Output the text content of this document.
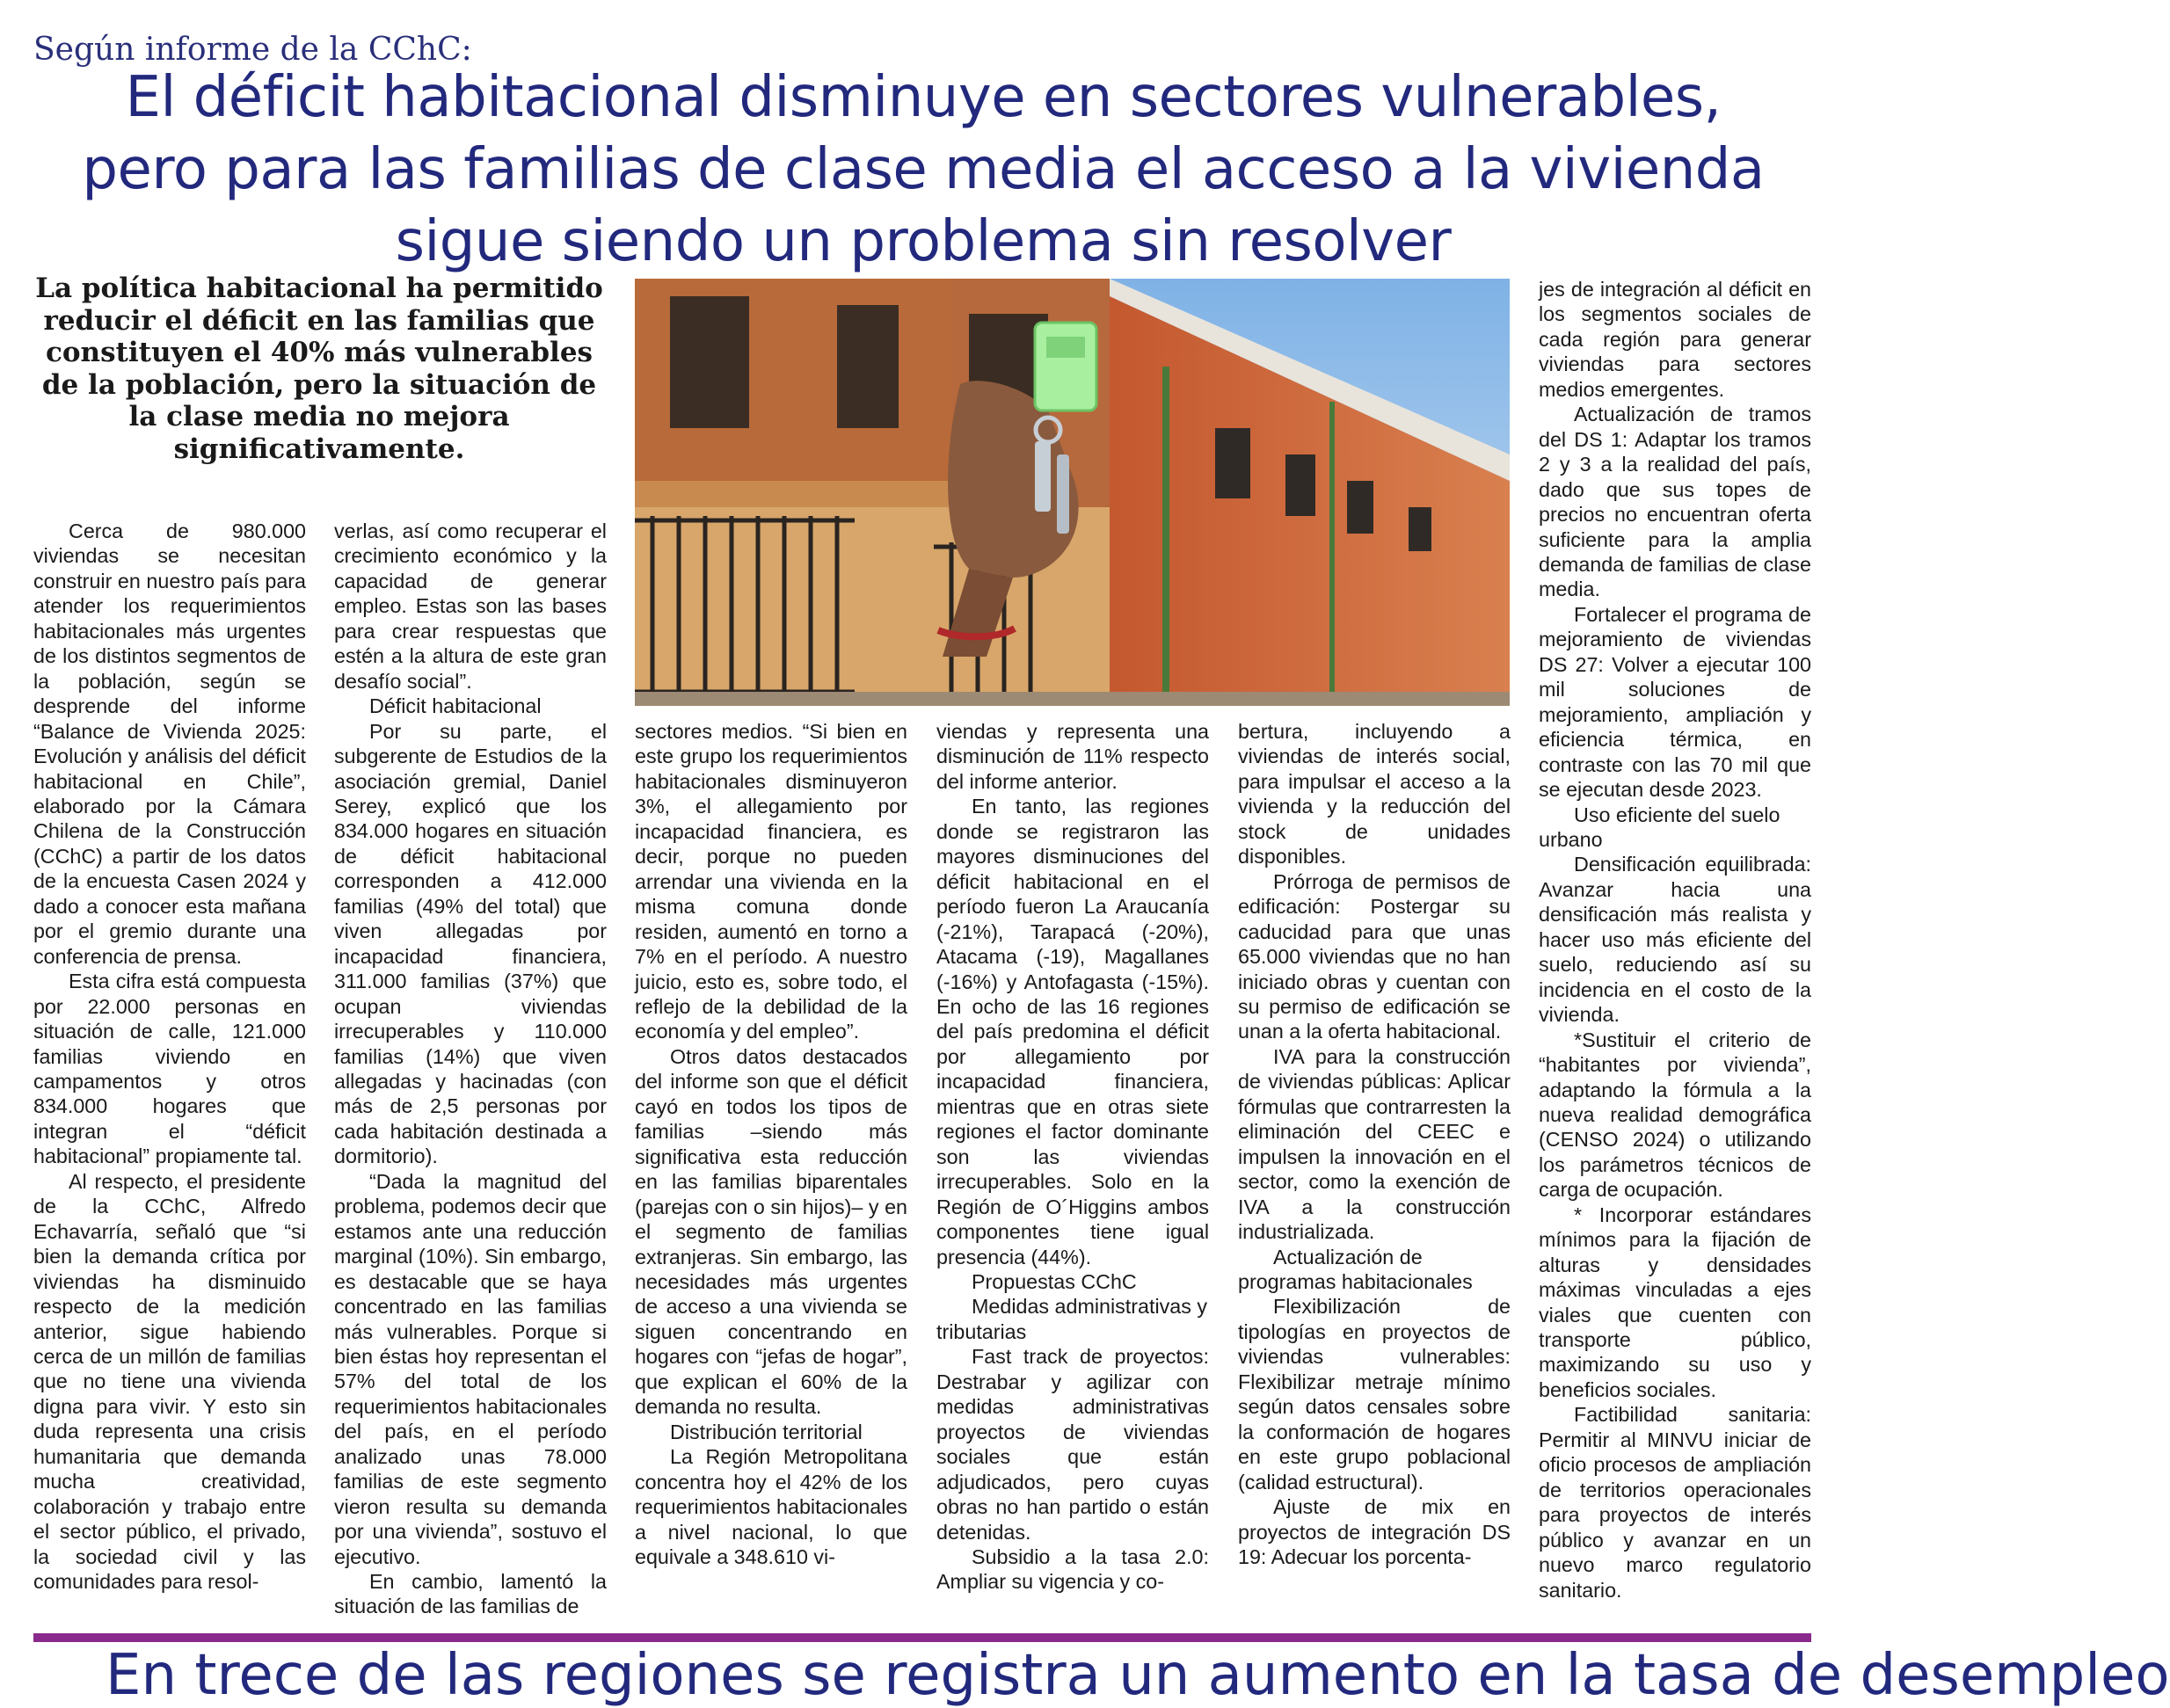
Según informe de la CChC:
El déficit habitacional disminuye en sectores vulnerables,
pero para las familias de clase media el acceso a la vivienda
sigue siendo un problema sin resolver
La política habitacional ha permitido reducir el déficit en las familias que constituyen el 40% más vulnerables de la población, pero la situación de la clase media no mejora significativamente.

Cerca de 980.000 viviendas se necesitan construir en nuestro país para atender los requerimientos habitacionales más urgentes de los distintos segmentos de la población, según se desprende del informe “Balance de Vivienda 2025: Evolución y análisis del déficit habitacional en Chile”, elaborado por la Cámara Chilena de la Construcción (CChC) a partir de los datos de la encuesta Casen 2024 y dado a conocer esta mañana por el gremio durante una conferencia de prensa.

Esta cifra está compuesta por 22.000 personas en situación de calle, 121.000 familias viviendo en campamentos y otros 834.000 hogares que integran el “déficit habitacional” propiamente tal.

Al respecto, el presidente de la CChC, Alfredo Echavarría, señaló que “si bien la demanda crítica por viviendas ha disminuido respecto de la medición anterior, sigue habiendo cerca de un millón de familias que no tiene una vivienda digna para vivir. Y esto sin duda representa una crisis humanitaria que demanda mucha creatividad, colaboración y trabajo entre el sector público, el privado, la sociedad civil y las comunidades para resol-

verlas, así como recuperar el crecimiento económico y la capacidad de generar empleo. Estas son las bases para crear respuestas que estén a la altura de este gran desafío social”.

Déficit habitacional

Por su parte, el subgerente de Estudios de la asociación gremial, Daniel Serey, explicó que los 834.000 hogares en situación de déficit habitacional corresponden a 412.000 familias (49% del total) que viven allegadas por incapacidad financiera, 311.000 familias (37%) que ocupan viviendas irrecuperables y 110.000 familias (14%) que viven allegadas y hacinadas (con más de 2,5 personas por cada habitación destinada a dormitorio).

“Dada la magnitud del problema, podemos decir que estamos ante una reducción marginal (10%). Sin embargo, es destacable que se haya concentrado en las familias más vulnerables. Porque si bien éstas hoy representan el 57% del total de los requerimientos habitacionales del país, en el período analizado unas 78.000 familias de este segmento vieron resulta su demanda por una vivienda”, sostuvo el ejecutivo.

En cambio, lamentó la situación de las familias de

sectores medios. “Si bien en este grupo los requerimientos habitacionales disminuyeron 3%, el allegamiento por incapacidad financiera, es decir, porque no pueden arrendar una vivienda en la misma comuna donde residen, aumentó en torno a 7% en el período. A nuestro juicio, esto es, sobre todo, el reflejo de la debilidad de la economía y del empleo”.

Otros datos destacados del informe son que el déficit cayó en todos los tipos de familias –siendo más significativa esta reducción en las familias biparentales (parejas con o sin hijos)– y en el segmento de familias extranjeras. Sin embargo, las necesidades más urgentes de acceso a una vivienda se siguen concentrando en hogares con “jefas de hogar”, que explican el 60% de la demanda no resulta.

Distribución territorial

La Región Metropolitana concentra hoy el 42% de los requerimientos habitacionales a nivel nacional, lo que equivale a 348.610 vi-

viendas y representa una disminución de 11% respecto del informe anterior.

En tanto, las regiones donde se registraron las mayores disminuciones del déficit habitacional en el período fueron La Araucanía (-21%), Tarapacá (-20%), Atacama (-19), Magallanes (-16%) y Antofagasta (-15%). En ocho de las 16 regiones del país predomina el déficit por allegamiento por incapacidad financiera, mientras que en otras siete regiones el factor dominante son las viviendas irrecuperables. Solo en la Región de O´Higgins ambos componentes tiene igual presencia (44%).

Propuestas CChC

Medidas administrativas y tributarias

Fast track de proyectos: Destrabar y agilizar con medidas administrativas proyectos de viviendas sociales que están adjudicados, pero cuyas obras no han partido o están detenidas.

Subsidio a la tasa 2.0: Ampliar su vigencia y co-

bertura, incluyendo a viviendas de interés social, para impulsar el acceso a la vivienda y la reducción del stock de unidades disponibles.

Prórroga de permisos de edificación: Postergar su caducidad para que unas 65.000 viviendas que no han iniciado obras y cuentan con su permiso de edificación se unan a la oferta habitacional.

IVA para la construcción de viviendas públicas: Aplicar fórmulas que contrarresten la eliminación del CEEC e impulsen la innovación en el sector, como la exención de IVA a la construcción industrializada.

Actualización de programas habitacionales

Flexibilización de tipologías en proyectos de viviendas vulnerables: Flexibilizar metraje mínimo según datos censales sobre la conformación de hogares en este grupo poblacional (calidad estructural).

Ajuste de mix en proyectos de integración DS 19: Adecuar los porcenta-

jes de integración al déficit en los segmentos sociales de cada región para generar viviendas para sectores medios emergentes.

Actualización de tramos del DS 1: Adaptar los tramos 2 y 3 a la realidad del país, dado que sus topes de precios no encuentran oferta suficiente para la amplia demanda de familias de clase media.

Fortalecer el programa de mejoramiento de viviendas DS 27: Volver a ejecutar 100 mil soluciones de mejoramiento, ampliación y eficiencia térmica, en contraste con las 70 mil que se ejecutan desde 2023.

Uso eficiente del suelo urbano

Densificación equilibrada: Avanzar hacia una densificación más realista y hacer uso más eficiente del suelo, reduciendo así su incidencia en el costo de la vivienda.

*Sustituir el criterio de “habitantes por vivienda”, adaptando la fórmula a la nueva realidad demográfica (CENSO 2024) o utilizando los parámetros técnicos de carga de ocupación.

* Incorporar estándares mínimos para la fijación de alturas y densidades máximas vinculadas a ejes viales que cuenten con transporte público, maximizando su uso y beneficios sociales.

Factibilidad sanitaria: Permitir al MINVU iniciar de oficio procesos de ampliación de territorios operacionales para proyectos de interés público y avanzar en un nuevo marco regulatorio sanitario.

En trece de las regiones se registra un aumento en la tasa de desempleo
